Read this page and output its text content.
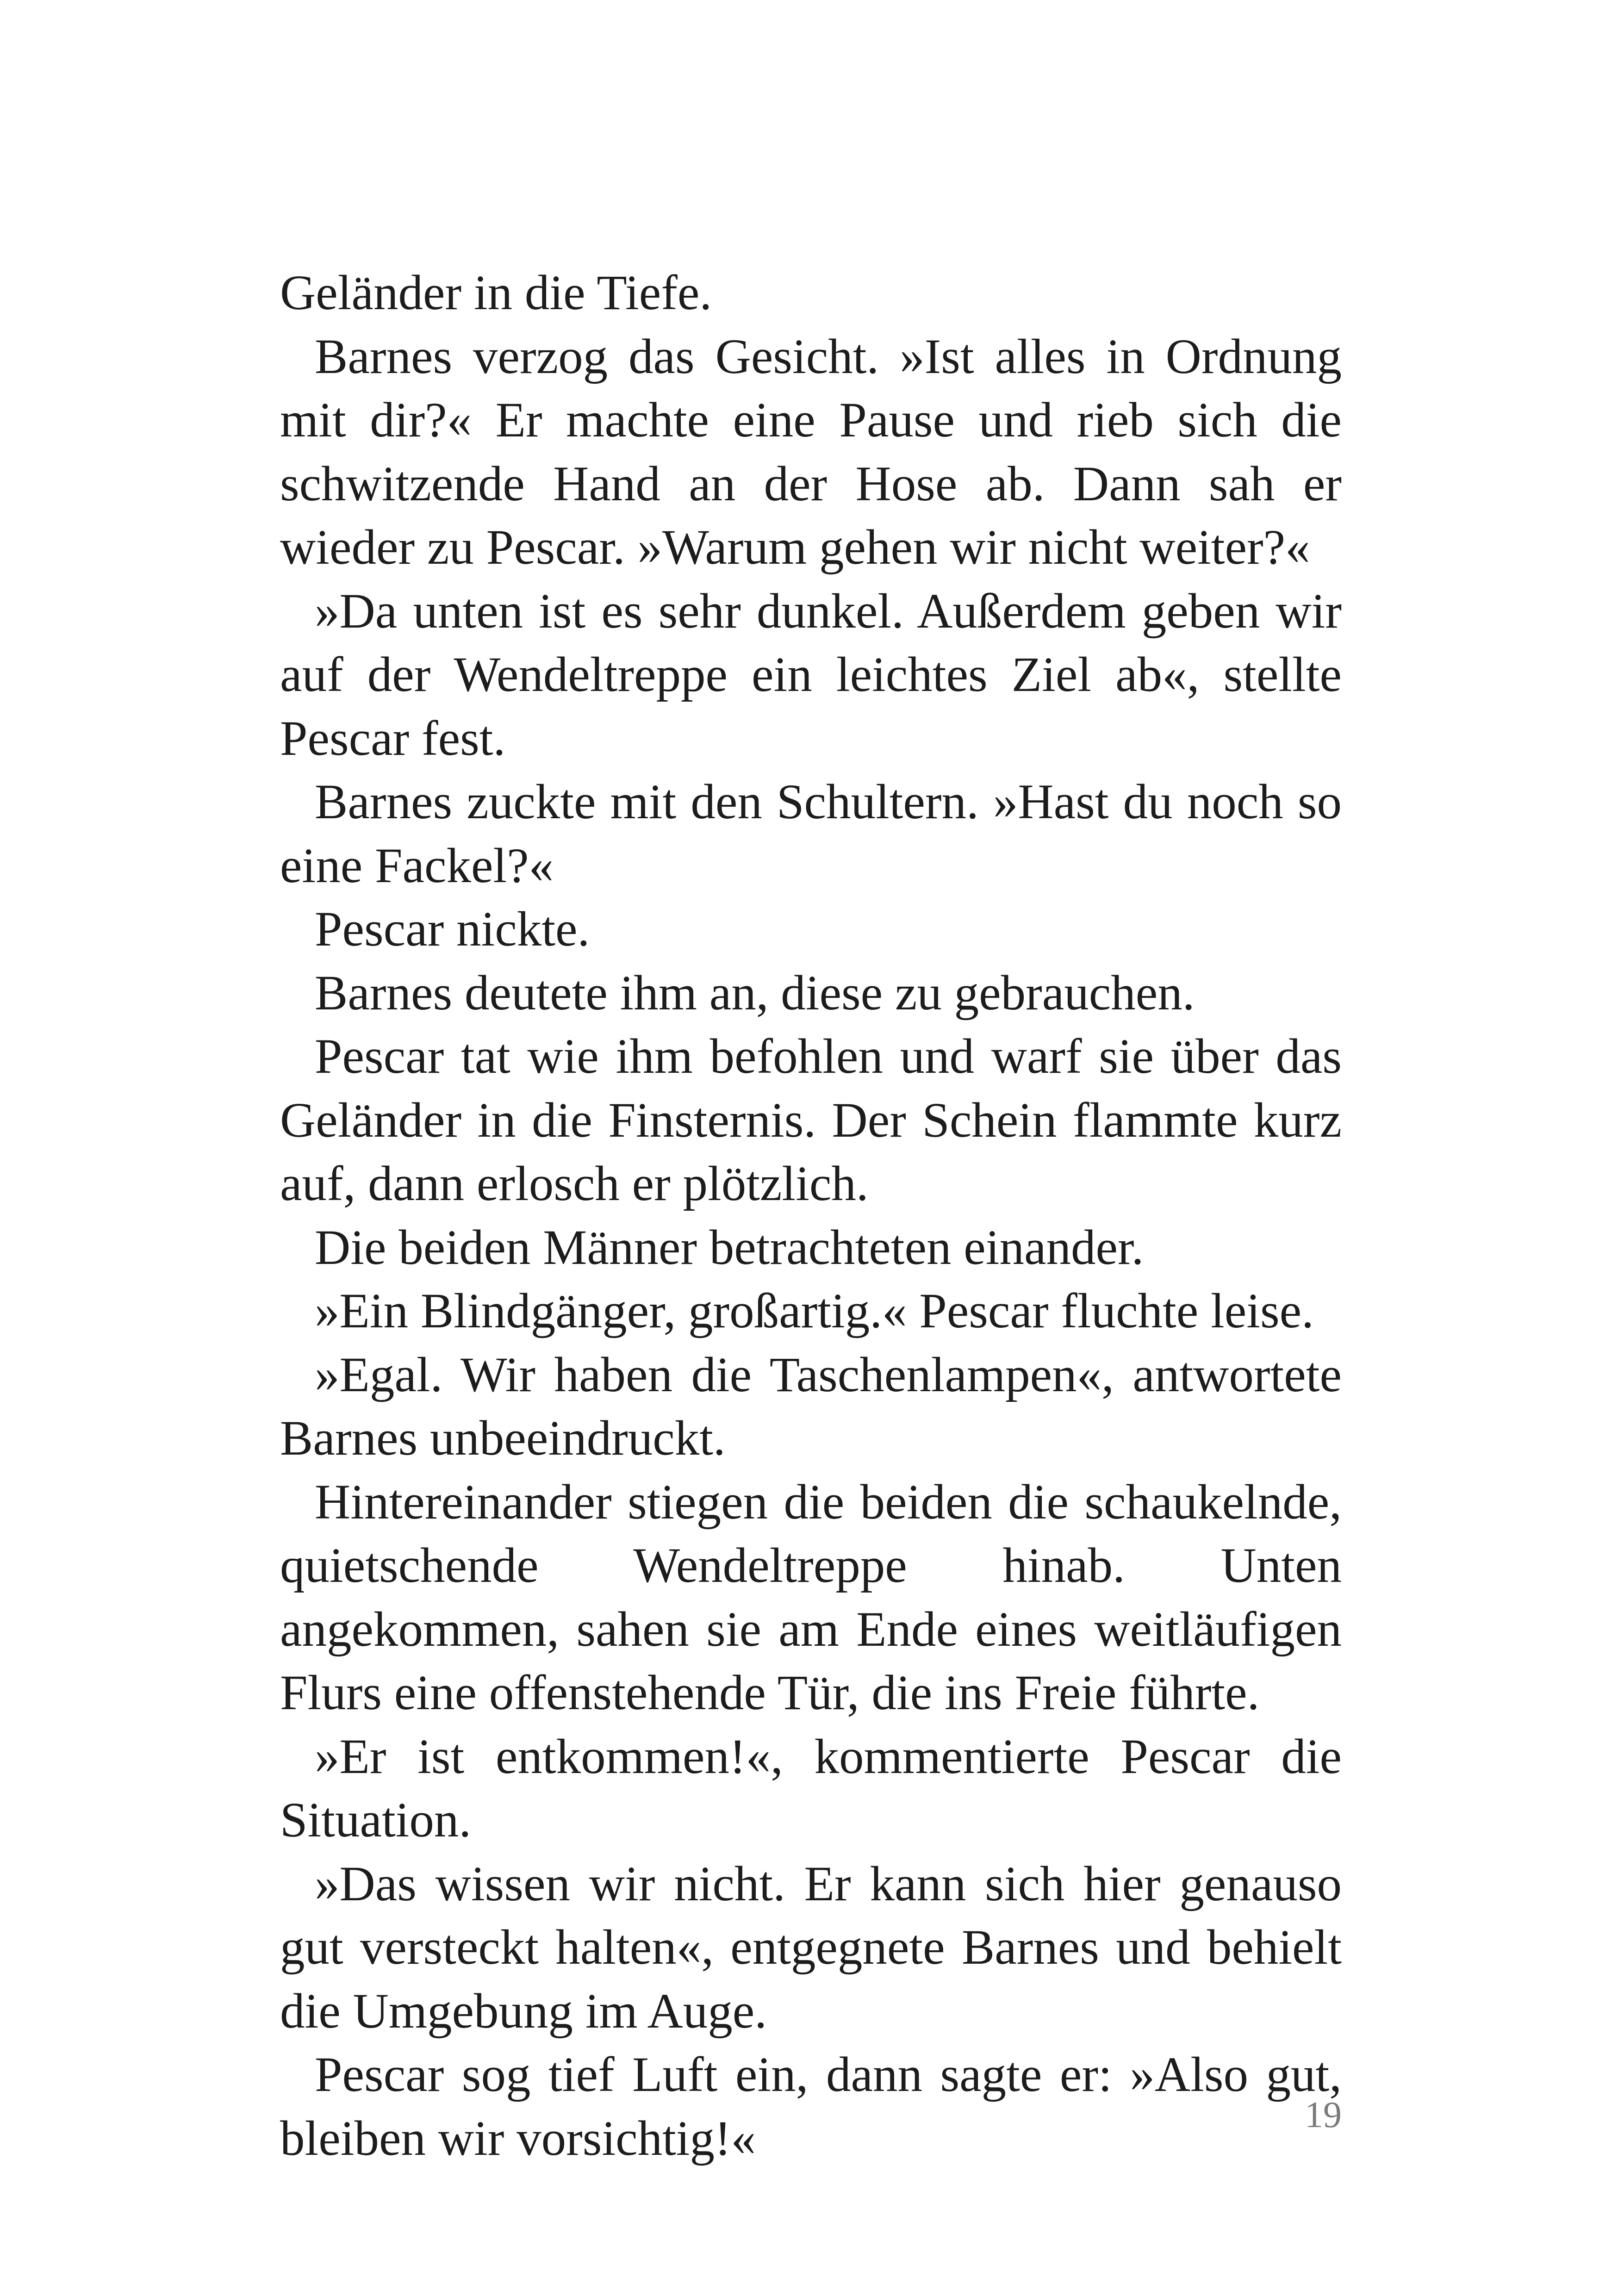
Geländer in die Tiefe.

Barnes verzog das Gesicht. »Ist alles in Ordnung mit dir?« Er machte eine Pause und rieb sich die schwitzende Hand an der Hose ab. Dann sah er wieder zu Pescar. »Warum gehen wir nicht weiter?«

»Da unten ist es sehr dunkel. Außerdem geben wir auf der Wendeltreppe ein leichtes Ziel ab«, stellte Pescar fest.

Barnes zuckte mit den Schultern. »Hast du noch so eine Fackel?«

Pescar nickte.

Barnes deutete ihm an, diese zu gebrauchen.

Pescar tat wie ihm befohlen und warf sie über das Geländer in die Finsternis. Der Schein flammte kurz auf, dann erlosch er plötzlich.

Die beiden Männer betrachteten einander.

»Ein Blindgänger, großartig.« Pescar fluchte leise.

»Egal. Wir haben die Taschenlampen«, antwortete Barnes unbeeindruckt.

Hintereinander stiegen die beiden die schaukelnde, quietschende Wendeltreppe hinab. Unten angekommen, sahen sie am Ende eines weitläufigen Flurs eine offenstehende Tür, die ins Freie führte.

»Er ist entkommen!«, kommentierte Pescar die Situation.

»Das wissen wir nicht. Er kann sich hier genauso gut versteckt halten«, entgegnete Barnes und behielt die Umgebung im Auge.

Pescar sog tief Luft ein, dann sagte er: »Also gut, bleiben wir vorsichtig!«	19
